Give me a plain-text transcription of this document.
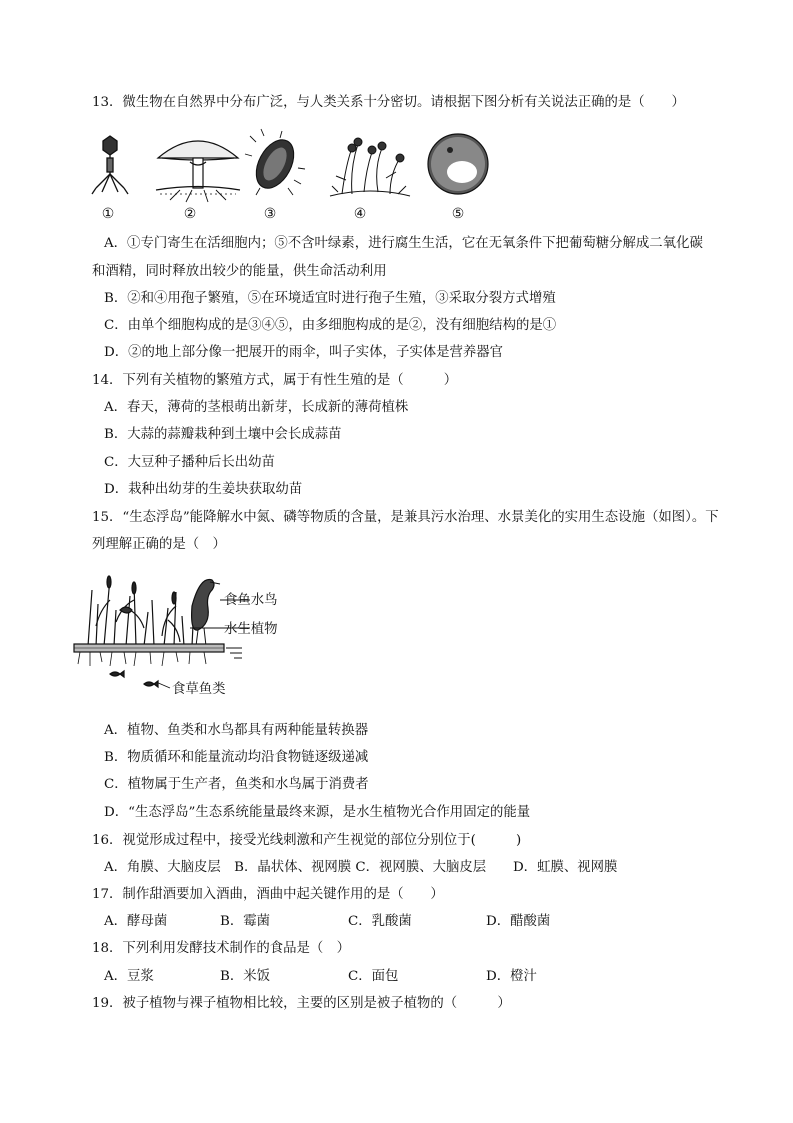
13．微生物在自然界中分布广泛，与人类关系十分密切。请根据下图分析有关说法正确的是（　　）
①	②	③	④	⑤
A．①专门寄生在活细胞内；⑤不含叶绿素，进行腐生生活，它在无氧条件下把葡萄糖分解成二氧化碳
和酒精，同时释放出较少的能量，供生命活动利用
B．②和④用孢子繁殖，⑤在环境适宜时进行孢子生殖，③采取分裂方式增殖
C．由单个细胞构成的是③④⑤，由多细胞构成的是②，没有细胞结构的是①
D．②的地上部分像一把展开的雨伞，叫子实体，子实体是营养器官
14．下列有关植物的繁殖方式，属于有性生殖的是（　　　）
A．春天，薄荷的茎根萌出新芽，长成新的薄荷植株
B．大蒜的蒜瓣栽种到土壤中会长成蒜苗
C．大豆种子播种后长出幼苗
D．栽种出幼芽的生姜块获取幼苗
15．“生态浮岛”能降解水中氮、磷等物质的含量，是兼具污水治理、水景美化的实用生态设施（如图）。下
列理解正确的是（　）
食鱼水鸟
水生植物
食草鱼类
A．植物、鱼类和水鸟都具有两种能量转换器
B．物质循环和能量流动均沿食物链逐级递减
C．植物属于生产者，鱼类和水鸟属于消费者
D．“生态浮岛”生态系统能量最终来源，是水生植物光合作用固定的能量
16．视觉形成过程中，接受光线刺激和产生视觉的部位分别位于(　　　)
A．角膜、大脑皮层　B．晶状体、视网膜 C．视网膜、大脑皮层　　D．虹膜、视网膜
17．制作甜酒要加入酒曲，酒曲中起关键作用的是（　　）
A．酵母菌	B．霉菌	C．乳酸菌	D．醋酸菌
18．下列利用发酵技术制作的食品是（　）
A．豆浆	B．米饭	C．面包	D．橙汁
19．被子植物与裸子植物相比较，主要的区别是被子植物的（　　　）
